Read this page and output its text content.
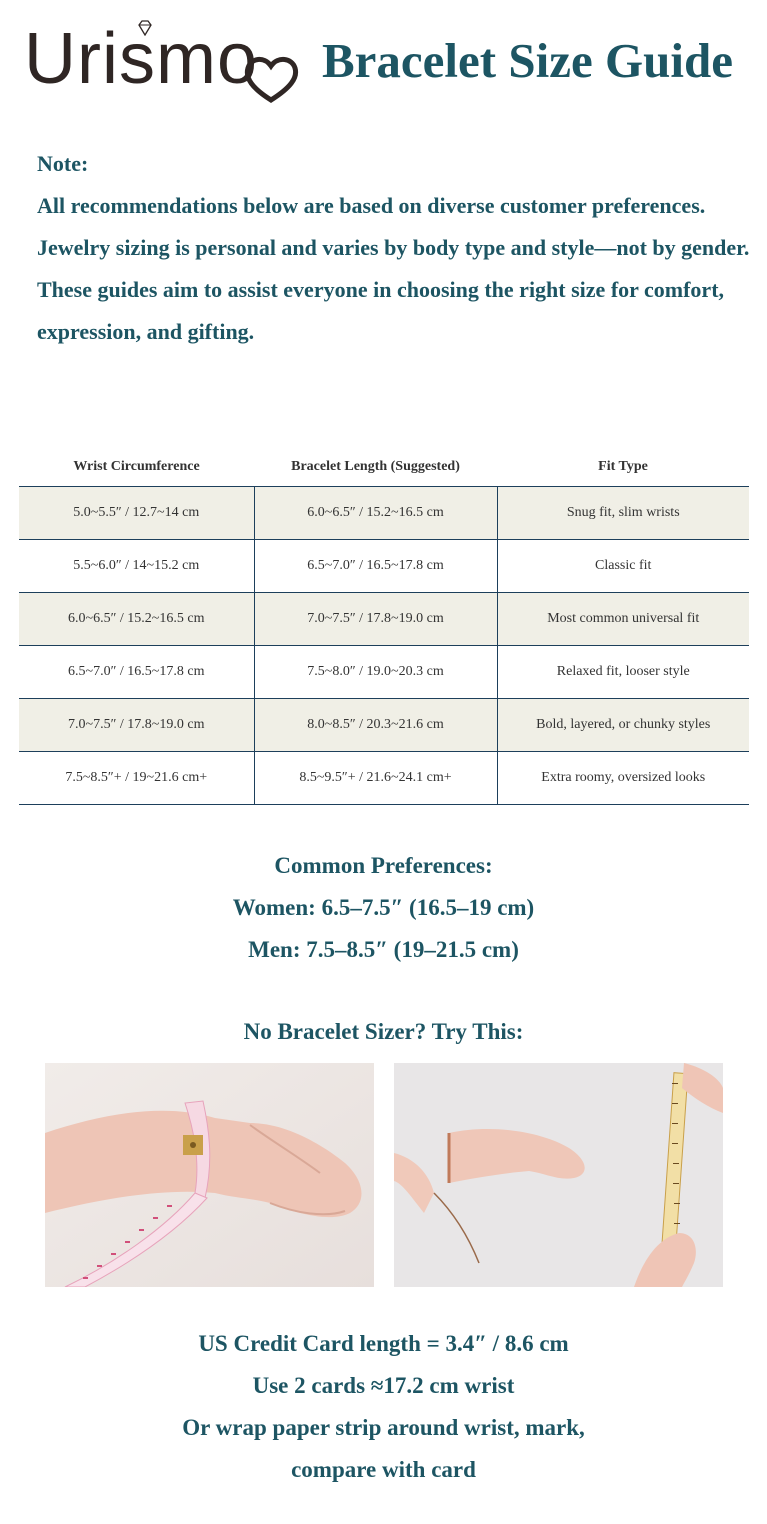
Urismo Bracelet Size Guide

Note:

All recommendations below are based on diverse customer preferences.

Jewelry sizing is personal and varies by body type and style—not by gender.

These guides aim to assist everyone in choosing the right size for comfort, expression, and gifting.

Wrist Circumference	Bracelet Length (Suggested)	Fit Type
5.0~5.5″ / 12.7~14 cm	6.0~6.5″ / 15.2~16.5 cm	Snug fit, slim wrists
5.5~6.0″ / 14~15.2 cm	6.5~7.0″ / 16.5~17.8 cm	Classic fit
6.0~6.5″ / 15.2~16.5 cm	7.0~7.5″ / 17.8~19.0 cm	Most common universal fit
6.5~7.0″ / 16.5~17.8 cm	7.5~8.0″ / 19.0~20.3 cm	Relaxed fit, looser style
7.0~7.5″ / 17.8~19.0 cm	8.0~8.5″ / 20.3~21.6 cm	Bold, layered, or chunky styles
7.5~8.5″+ / 19~21.6 cm+	8.5~9.5″+ / 21.6~24.1 cm+	Extra roomy, oversized looks
Common Preferences:
Women: 6.5–7.5″ (16.5–19 cm)
Men: 7.5–8.5″ (19–21.5 cm)
No Bracelet Sizer? Try This:
US Credit Card length = 3.4″ / 8.6 cm
Use 2 cards ≈17.2 cm wrist
Or wrap paper strip around wrist, mark,
compare with card
